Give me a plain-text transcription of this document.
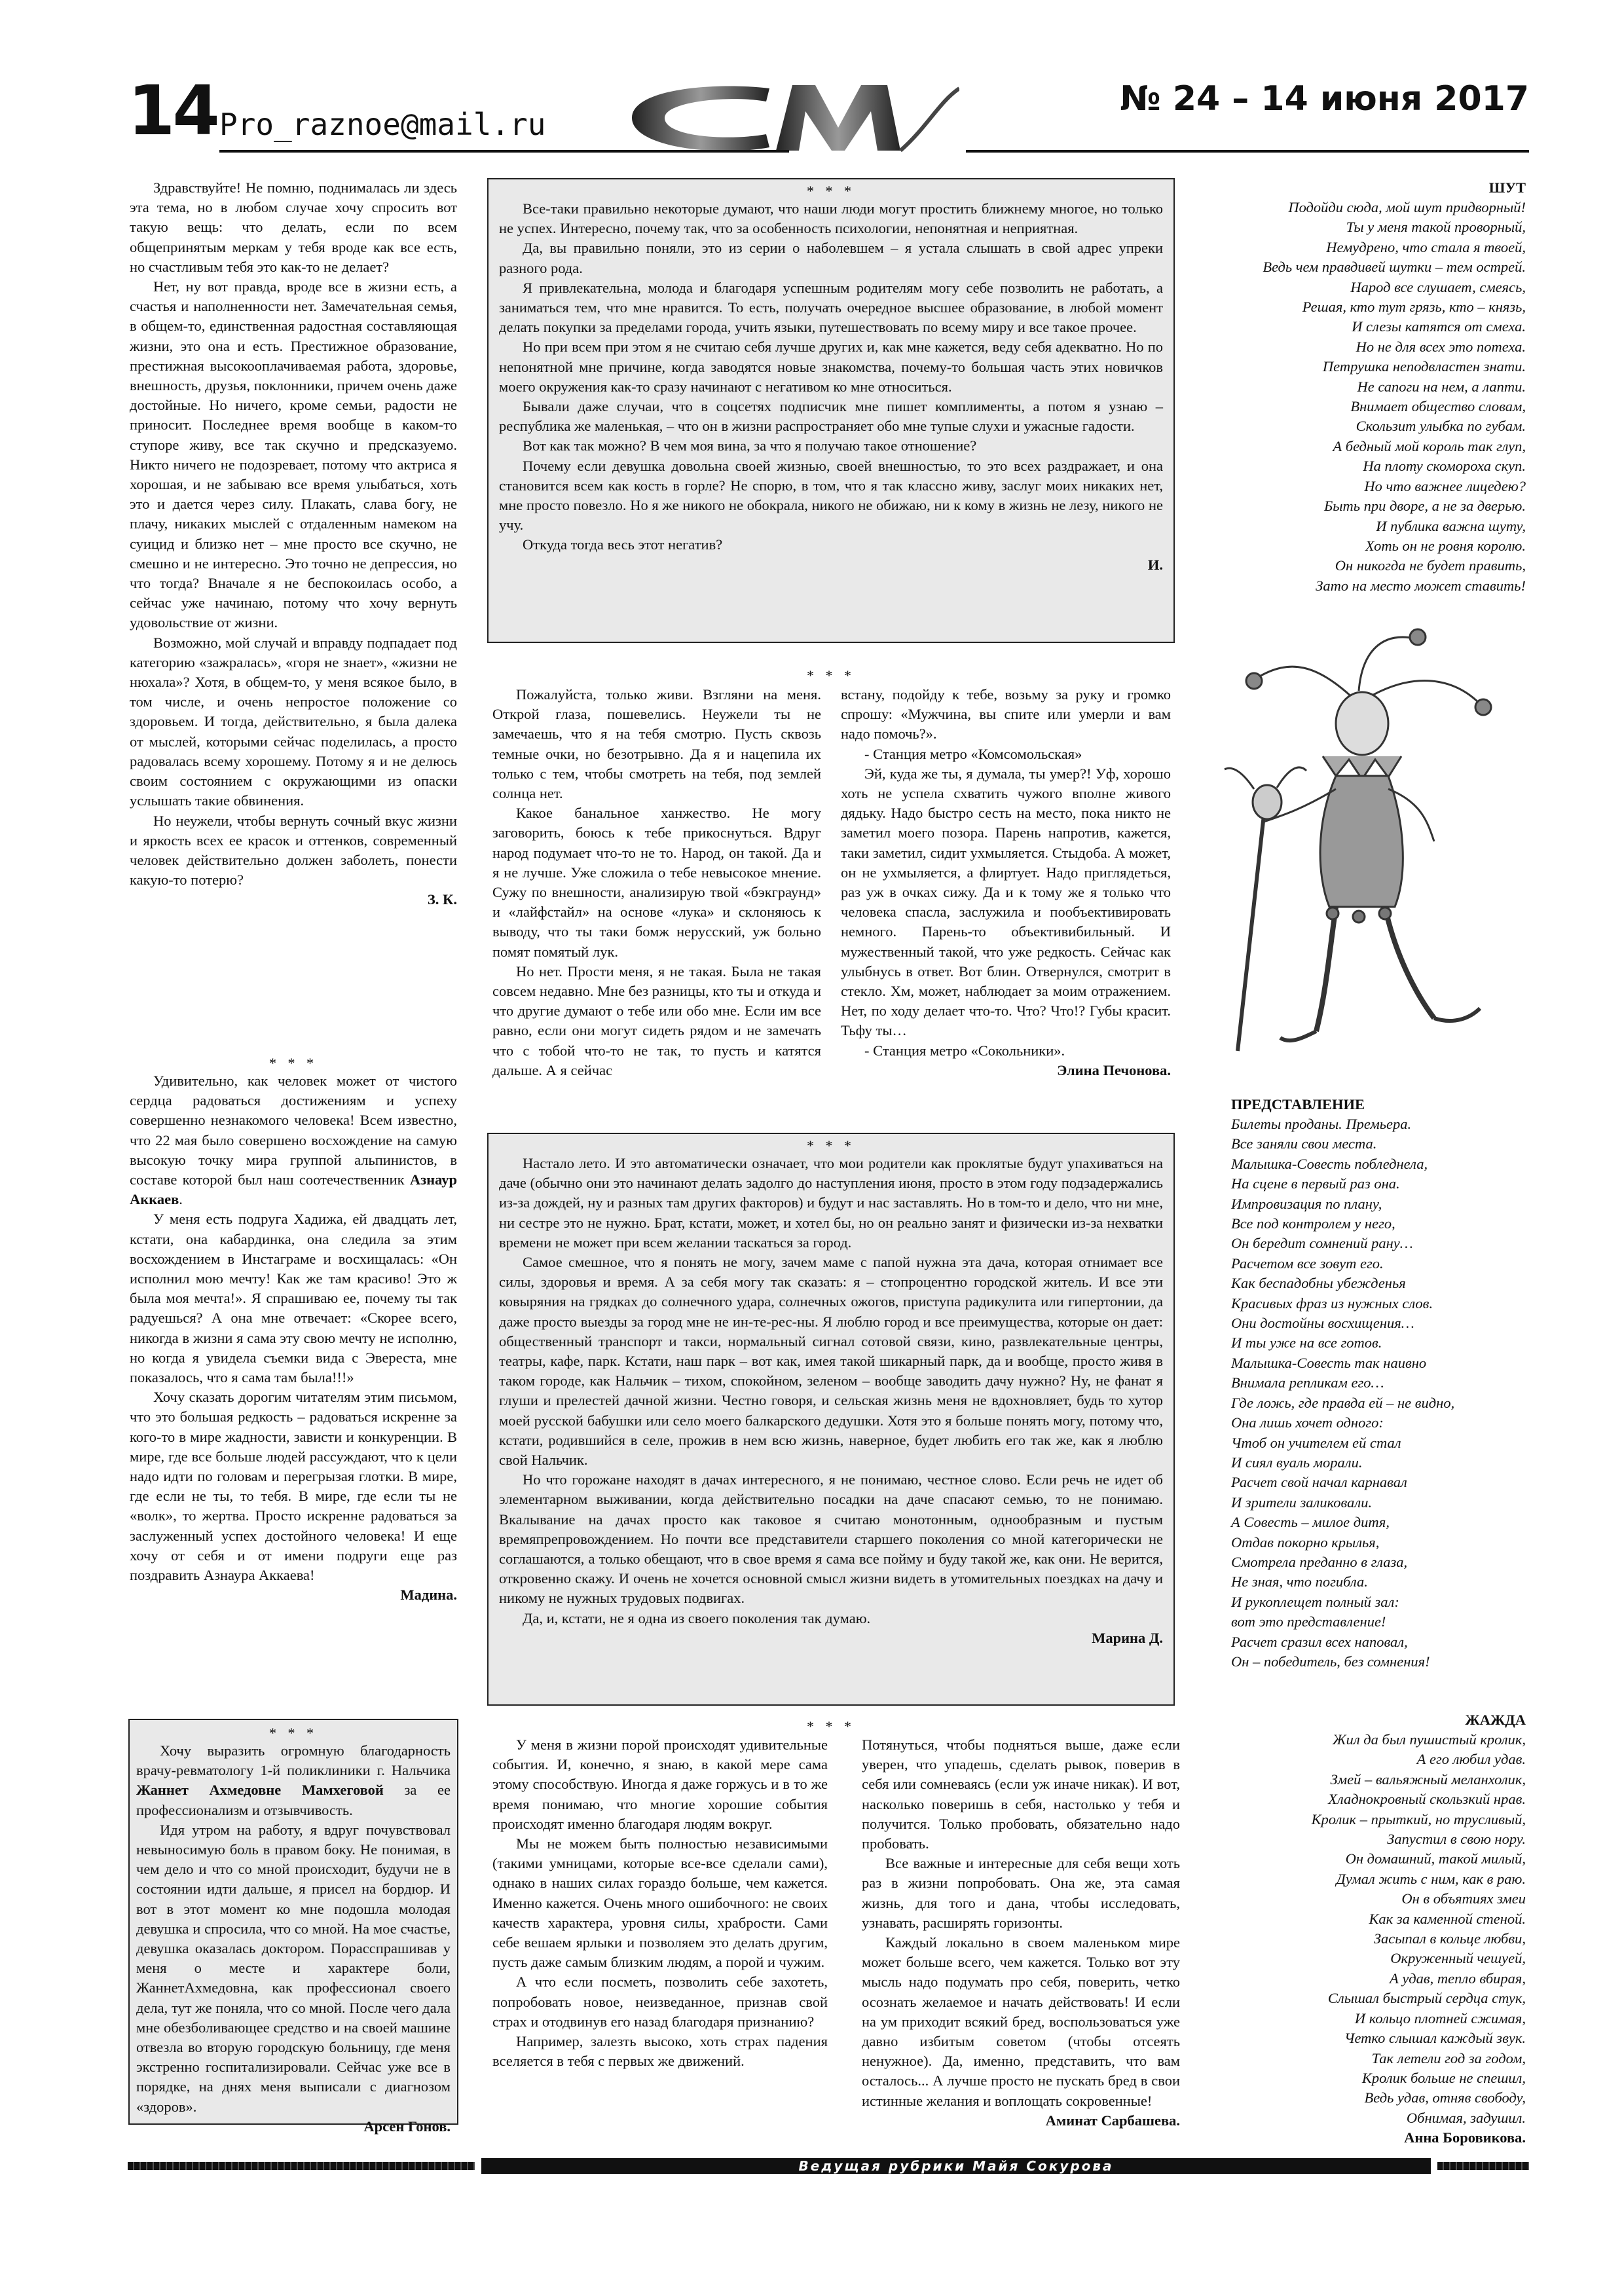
14 Pro_raznoe@mail.ru
№ 24 – 14 июня 2017

Здравствуйте! Не помню, поднималась ли здесь эта тема, но в любом случае хочу спросить вот такую вещь: что делать, если по всем общепринятым меркам у тебя вроде как все есть, но счастливым тебя это как-то не делает?

Нет, ну вот правда, вроде все в жизни есть, а счастья и наполненности нет. Замечательная семья, в общем-то, единственная радостная составляющая жизни, это она и есть. Престижное образование, престижная высокооплачиваемая работа, здоровье, внешность, друзья, поклонники, причем очень даже достойные. Но ничего, кроме семьи, радости не приносит. Последнее время вообще в каком-то ступоре живу, все так скучно и предсказуемо. Никто ничего не подозревает, потому что актриса я хорошая, и не забываю все время улыбаться, хоть это и дается через силу. Плакать, слава богу, не плачу, никаких мыслей с отдаленным намеком на суицид и близко нет – мне просто все скучно, не смешно и не интересно. Это точно не депрессия, но что тогда? Вначале я не беспокоилась особо, а сейчас уже начинаю, потому что хочу вернуть удовольствие от жизни.

Возможно, мой случай и вправду подпадает под категорию «зажралась», «горя не знает», «жизни не нюхала»? Хотя, в общем-то, у меня всякое было, в том числе, и очень непростое положение со здоровьем. И тогда, действительно, я была далека от мыслей, которыми сейчас поделилась, а просто радовалась всему хорошему. Потому я и не делюсь своим состоянием с окружающими из опаски услышать такие обвинения.

Но неужели, чтобы вернуть сочный вкус жизни и яркость всех ее красок и оттенков, современный человек действительно должен заболеть, понести какую-то потерю?

З. К.
* * *

Удивительно, как человек может от чистого сердца радоваться достижениям и успеху совершенно незнакомого человека! Всем известно, что 22 мая было совершено восхождение на самую высокую точку мира группой альпинистов, в составе которой был наш соотечественник Азнаур Аккаев.

У меня есть подруга Хадижа, ей двадцать лет, кстати, она кабардинка, она следила за этим восхождением в Инстаграме и восхищалась: «Он исполнил мою мечту! Как же там красиво! Это ж была моя мечта!». Я спрашиваю ее, почему ты так радуешься? А она мне отвечает: «Скорее всего, никогда в жизни я сама эту свою мечту не исполню, но когда я увидела съемки вида с Эвереста, мне показалось, что я сама там была!!!»

Хочу сказать дорогим читателям этим письмом, что это большая редкость – радоваться искренне за кого-то в мире жадности, зависти и конкуренции. В мире, где все больше людей рассуждают, что к цели надо идти по головам и перегрызая глотки. В мире, где если не ты, то тебя. В мире, где если ты не «волк», то жертва. Просто искренне радоваться за заслуженный успех достойного человека! И еще хочу от себя и от имени подруги еще раз поздравить Азнаура Аккаева!

Мадина.
* * *

Хочу выразить огромную благодарность врачу-ревматологу 1-й поликлиники г. Нальчика Жаннет Ахмедовне Мамхеговой за ее профессионализм и отзывчивость.

Идя утром на работу, я вдруг почувствовал невыносимую боль в правом боку. Не понимая, в чем дело и что со мной происходит, будучи не в состоянии идти дальше, я присел на бордюр. И вот в этот момент ко мне подошла молодая девушка и спросила, что со мной. На мое счастье, девушка оказалась доктором. Порасспрашивав у меня о месте и характере боли, ЖаннетАхмедовна, как профессионал своего дела, тут же поняла, что со мной. После чего дала мне обезболивающее средство и на своей машине отвезла во вторую городскую больницу, где меня экстренно госпитализировали. Сейчас уже все в порядке, на днях меня выписали с диагнозом «здоров».

Арсен Гонов.
* * *

Все-таки правильно некоторые думают, что наши люди могут простить ближнему многое, но только не успех. Интересно, почему так, что за особенность психологии, непонятная и неприятная.

Да, вы правильно поняли, это из серии о наболевшем – я устала слышать в свой адрес упреки разного рода.

Я привлекательна, молода и благодаря успешным родителям могу себе позволить не работать, а заниматься тем, что мне нравится. То есть, получать очередное высшее образование, в любой момент делать покупки за пределами города, учить языки, путешествовать по всему миру и все такое прочее.

Но при всем при этом я не считаю себя лучше других и, как мне кажется, веду себя адекватно. Но по непонятной мне причине, когда заводятся новые знакомства, почему-то большая часть этих новичков моего окружения как-то сразу начинают с негативом ко мне относиться.

Бывали даже случаи, что в соцсетях подписчик мне пишет комплименты, а потом я узнаю – республика же маленькая, – что он в жизни распространяет обо мне тупые слухи и ужасные гадости.

Вот как так можно? В чем моя вина, за что я получаю такое отношение?

Почему если девушка довольна своей жизнью, своей внешностью, то это всех раздражает, и она становится всем как кость в горле? Не спорю, в том, что я так классно живу, заслуг моих никаких нет, мне просто повезло. Но я же никого не обокрала, никого не обижаю, ни к кому в жизнь не лезу, никого не учу.

Откуда тогда весь этот негатив?

И.
* * *

Пожалуйста, только живи. Взгляни на меня. Открой глаза, пошевелись. Неужели ты не замечаешь, что я на тебя смотрю. Пусть сквозь темные очки, но безотрывно. Да я и нацепила их только с тем, чтобы смотреть на тебя, под землей солнца нет.

Какое банальное ханжество. Не могу заговорить, боюсь к тебе прикоснуться. Вдруг народ подумает что-то не то. Народ, он такой. Да и я не лучше. Уже сложила о тебе невысокое мнение. Сужу по внешности, анализирую твой «бэкграунд» и «лайфстайл» на основе «лука» и склоняюсь к выводу, что ты таки бомж нерусский, уж больно помят помятый лук.

Но нет. Прости меня, я не такая. Была не такая совсем недавно. Мне без разницы, кто ты и откуда и что другие думают о тебе или обо мне. Если им все равно, если они могут сидеть рядом и не замечать что с тобой что-то не так, то пусть и катятся дальше. А я сейчас

встану, подойду к тебе, возьму за руку и громко спрошу: «Мужчина, вы спите или умерли и вам надо помочь?».

- Станция метро «Комсомольская»

Эй, куда же ты, я думала, ты умер?! Уф, хорошо хоть не успела схватить чужого вполне живого дядьку. Надо быстро сесть на место, пока никто не заметил моего позора. Парень напротив, кажется, таки заметил, сидит ухмыляется. Стыдоба. А может, он не ухмыляется, а флиртует. Надо приглядеться, раз уж в очках сижу. Да и к тому же я только что человека спасла, заслужила и пообъективировать немного. Парень-то объективибильный. И мужественный такой, что уже редкость. Сейчас как улыбнусь в ответ. Вот блин. Отвернулся, смотрит в стекло. Хм, может, наблюдает за моим отражением. Нет, по ходу делает что-то. Что? Что!? Губы красит. Тьфу ты…

- Станция метро «Сокольники».

Элина Печонова.
* * *

Настало лето. И это автоматически означает, что мои родители как проклятые будут упахиваться на даче (обычно они это начинают делать задолго до наступления июня, просто в этом году подзадержались из-за дождей, ну и разных там других факторов) и будут и нас заставлять. Но в том-то и дело, что ни мне, ни сестре это не нужно. Брат, кстати, может, и хотел бы, но он реально занят и физически из-за нехватки времени не может при всем желании таскаться за город.

Самое смешное, что я понять не могу, зачем маме с папой нужна эта дача, которая отнимает все силы, здоровья и время. А за себя могу так сказать: я – стопроцентно городской житель. И все эти ковыряния на грядках до солнечного удара, солнечных ожогов, приступа радикулита или гипертонии, да даже просто выезды за город мне не ин-те-рес-ны. Я люблю город и все преимущества, которые он дает: общественный транспорт и такси, нормальный сигнал сотовой связи, кино, развлекательные центры, театры, кафе, парк. Кстати, наш парк – вот как, имея такой шикарный парк, да и вообще, просто живя в таком городе, как Нальчик – тихом, спокойном, зеленом – вообще заводить дачу нужно? Ну, не фанат я глуши и прелестей дачной жизни. Честно говоря, и сельская жизнь меня не вдохновляет, будь то хутор моей русской бабушки или село моего балкарского дедушки. Хотя это я больше понять могу, потому что, кстати, родившийся в селе, прожив в нем всю жизнь, наверное, будет любить его так же, как я люблю свой Нальчик.

Но что горожане находят в дачах интересного, я не понимаю, честное слово. Если речь не идет об элементарном выживании, когда действительно посадки на даче спасают семью, то не понимаю. Вкалывание на дачах просто как таковое я считаю монотонным, однообразным и пустым времяпрепровождением. Но почти все представители старшего поколения со мной категорически не соглашаются, а только обещают, что в свое время я сама все пойму и буду такой же, как они. Не верится, откровенно скажу. И очень не хочется основной смысл жизни видеть в утомительных поездках на дачу и никому не нужных трудовых подвигах.

Да, и, кстати, не я одна из своего поколения так думаю.

Марина Д.
* * *

У меня в жизни порой происходят удивительные события. И, конечно, я знаю, в какой мере сама этому способствую. Иногда я даже горжусь и в то же время понимаю, что многие хорошие события происходят именно благодаря людям вокруг.

Мы не можем быть полностью независимыми (такими умницами, которые все-все сделали сами), однако в наших силах гораздо больше, чем кажется. Именно кажется. Очень много ошибочного: не своих качеств характера, уровня силы, храбрости. Сами себе вешаем ярлыки и позволяем это делать другим, пусть даже самым близким людям, а порой и чужим.

А что если посметь, позволить себе захотеть, попробовать новое, неизведанное, признав свой страх и отодвинув его назад благодаря признанию?

Например, залезть высоко, хоть страх падения вселяется в тебя с первых же движений.

Потянуться, чтобы подняться выше, даже если уверен, что упадешь, сделать рывок, поверив в себя или сомневаясь (если уж иначе никак). И вот, насколько поверишь в себя, настолько у тебя и получится. Только пробовать, обязательно надо пробовать.

Все важные и интересные для себя вещи хоть раз в жизни попробовать. Она же, эта самая жизнь, для того и дана, чтобы исследовать, узнавать, расширять горизонты.

Каждый локально в своем маленьком мире может больше всего, чем кажется. Только вот эту мысль надо подумать про себя, поверить, четко осознать желаемое и начать действовать! И если на ум приходит всякий бред, воспользоваться уже давно избитым советом (чтобы отсеять ненужное). Да, именно, представить, что вам осталось... А лучше просто не пускать бред в свои истинные желания и воплощать сокровенные!

Аминат Сарбашева.
ШУТ
Подойди сюда, мой шут придворный!
Ты у меня такой проворный,
Немудрено, что стала я твоей,
Ведь чем правдивей шутки – тем острей.
Народ все слушает, смеясь,
Решая, кто тут грязь, кто – князь,
И слезы катятся от смеха.
Но не для всех это потеха.
Петрушка неподвластен знати.
Не сапоги на нем, а лапти.
Внимает общество словам,
Скользит улыбка по губам.
А бедный мой король так глуп,
На плоту скомороха скуп.
Но что важнее лицедею?
Быть при дворе, а не за дверью.
И публика важна шуту,
Хоть он не ровня королю.
Он никогда не будет править,
Зато на место может ставить!
ПРЕДСТАВЛЕНИЕ
Билеты проданы. Премьера.
Все заняли свои места.
Малышка-Совесть побледнела,
На сцене в первый раз она.
Импровизация по плану,
Все под контролем у него,
Он бередит сомнений рану…
Расчетом все зовут его.
Как беспадобны убежденья
Красивых фраз из нужных слов.
Они достойны восхищения…
И ты уже на все готов.
Малышка-Совесть так наивно
Внимала репликам его…
Где ложь, где правда ей – не видно,
Она лишь хочет одного:
Чтоб он учителем ей стал
И сиял вуаль морали.
Расчет свой начал карнавал
И зрители заликовали.
А Совесть – милое дитя,
Отдав покорно крылья,
Смотрела преданно в глаза,
Не зная, что погибла.
И рукоплещет полный зал:
вот это представление!
Расчет сразил всех наповал,
Он – победитель, без сомнения!
ЖАЖДА
Жил да был пушистый кролик,
А его любил удав.
Змей – вальяжный меланхолик,
Хладнокровный скользкий нрав.
Кролик – прыткий, но трусливый,
Запустил в свою нору.
Он домашний, такой милый,
Думал жить с ним, как в раю.
Он в объятиях змеи
Как за каменной стеной.
Засыпал в кольце любви,
Окруженный чешуей,
А удав, тепло вбирая,
Слышал быстрый сердца стук,
И кольцо плотней сжимая,
Четко слышал каждый звук.
Так летели год за годом,
Кролик больше не спешил,
Ведь удав, отняв свободу,
Обнимая, задушил.
Анна Боровикова.
Ведущая рубрики Майя Сокурова
